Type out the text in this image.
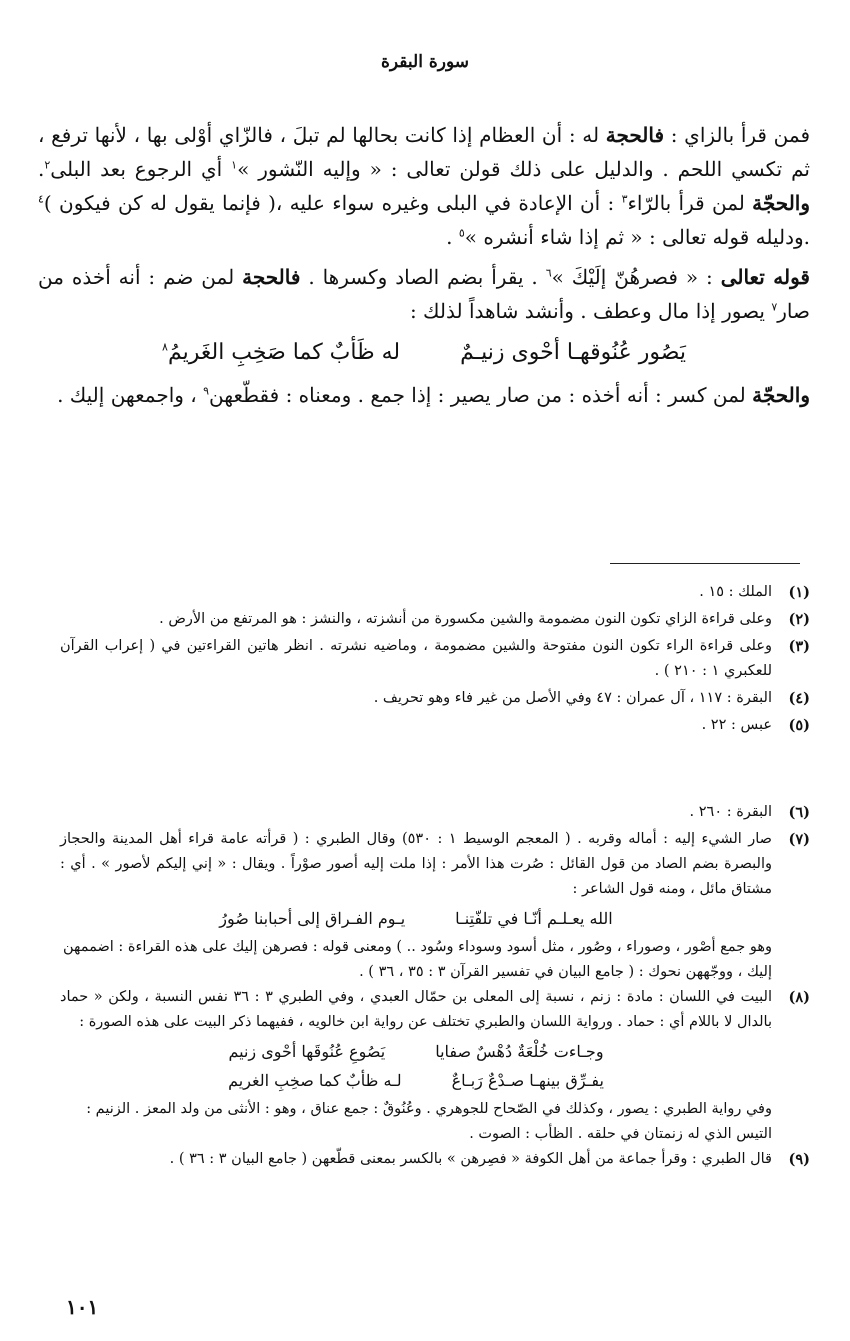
سورة البقرة

فمن قرأ بالزاي : فالحجة له : أن العظام إذا كانت بحالها لم تبلَ ، فالزّاي أوْلى بها ، لأنها ترفع ، ثم تكسي اللحم . والدليل على ذلك قولن تعالى : « وإليه النّشور »$^١$ أي الرجوع بعد البلى$^٢$. والحجّة لمن قرأ بالرّاء$^٣$ : أن الإعادة في البلى وغيره سواء عليه ،( فإنما يقول له كن فيكون )$^٤$ .ودليله قوله تعالى : « ثم إذا شاء أنشره »$^٥$ .

قوله تعالى : « فصرهُنّ إلَيْكَ »$^٦$ . يقرأ بضم الصاد وكسرها . فالحجة لمن ضم : أنه أخذه من صار$^٧$ يصور إذا مال وعطف . وأنشد شاهداً لذلك :

يَصُور عُنُوقهـا أحْوى زنيـمٌ
له ظَأبٌ كما صَخِبِ الغَريمُ$^٨$

والحجّة لمن كسر : أنه أخذه : من صار يصير : إذا جمع . ومعناه : فقطّعهن$^٩$ ، واجمعهن إليك .

(١)
الملك : ١٥ .
(٢)
وعلى قراءة الزاي تكون النون مضمومة والشين مكسورة من أنشزته ، والنشز : هو المرتفع من الأرض .
(٣)
وعلى قراءة الراء تكون النون مفتوحة والشين مضمومة ، وماضيه نشرته . انظر هاتين القراءتين في ( إعراب القرآن للعكبري ١ : ٢١٠ ) .
(٤)
البقرة : ١١٧ ، آل عمران : ٤٧ وفي الأصل من غير فاء وهو تحريف .
(٥)
عبس : ٢٢ .
(٦)
البقرة : ٢٦٠ .
(٧)
صار الشيء إليه : أماله وقربه . ( المعجم الوسيط ١ : ٥٣٠) وقال الطبري : ( قرأته عامة قراء أهل المدينة والحجاز والبصرة بضم الصاد من قول القائل : صُرت هذا الأمر : إذا ملت إليه أصور صوْراً . ويقال : « إني إليكم لأصور » . أي : مشتاق مائل ، ومنه قول الشاعر :
الله يعـلـم أنّـا في تلفّتِنـا
يـوم الفـراق إلى أحبابنا صُورُ
وهو جمع أصْور ، وصوراء ، وصُور ، مثل أسود وسوداء وسُود .. ) ومعنى قوله : فصرهن إليك على هذه القراءة : اضممهن إليك ، ووجّههن نحوك : ( جامع البيان في تفسير القرآن ٣ : ٣٥ ، ٣٦ ) .
(٨)
البيت في اللسان : مادة : زنم ، نسبة إلى المعلى بن حمّال العبدي ، وفي الطبري ٣ : ٣٦ نفس النسبة ، ولكن « حماد بالدال لا باللام أي : حماد . ورواية اللسان والطبري تختلف عن رواية ابن خالويه ، ففيهما ذكر البيت على هذه الصورة :
وجـاءت خُلْعَةٌ دُهْسٌ صفايا
يَصُوعِ عُنُوقَها أحْوى زنيم
يفـرِّق بينهـا صـدْعٌ رَبـاعٌ
لـه ظأبٌ كما صخِبِ الغريم
وفي رواية الطبري : يصور ، وكذلك في الصّحاح للجوهري . وعُنُوقٌ : جمع عناق ، وهو : الأنثى من ولد المعز . الزنيم : التيس الذي له زنمتان في حلقه . الظأب : الصوت .
(٩)
قال الطبري : وقرأ جماعة من أهل الكوفة « فصِرهن » بالكسر بمعنى قطّعهن ( جامع البيان ٣ : ٣٦ ) .
١٠١
